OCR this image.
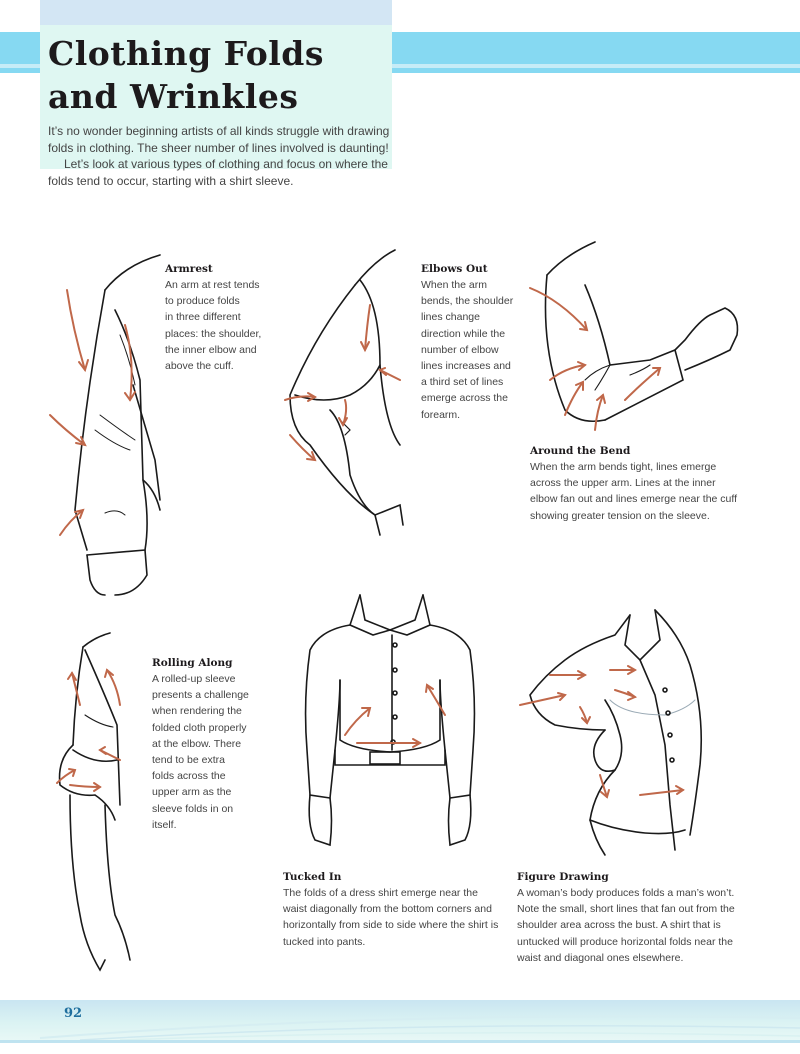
Clothing Folds
and Wrinkles

It’s no wonder beginning artists of all kinds struggle with drawing folds in clothing. The sheer number of lines involved is daunting!

Let’s look at various types of clothing and focus on where the folds tend to occur, starting with a shirt sleeve.

Armrest

An arm at rest tends

to produce folds

in three different

places: the shoulder,

the inner elbow and

above the cuff.

Elbows Out

When the arm

bends, the shoulder

lines change

direction while the

number of elbow

lines increases and

a third set of lines

emerge across the

forearm.

Around the Bend

When the arm bends tight, lines emerge

across the upper arm. Lines at the inner

elbow fan out and lines emerge near the cuff

showing greater tension on the sleeve.

Rolling Along

A rolled-up sleeve

presents a challenge

when rendering the

folded cloth properly

at the elbow. There

tend to be extra

folds across the

upper arm as the

sleeve folds in on

itself.

Tucked In

The folds of a dress shirt emerge near the

waist diagonally from the bottom corners and

horizontally from side to side where the shirt is

tucked into pants.

Figure Drawing

A woman’s body produces folds a man’s won’t.

Note the small, short lines that fan out from the

shoulder area across the bust. A shirt that is

untucked will produce horizontal folds near the

waist and diagonal ones elsewhere.

92
